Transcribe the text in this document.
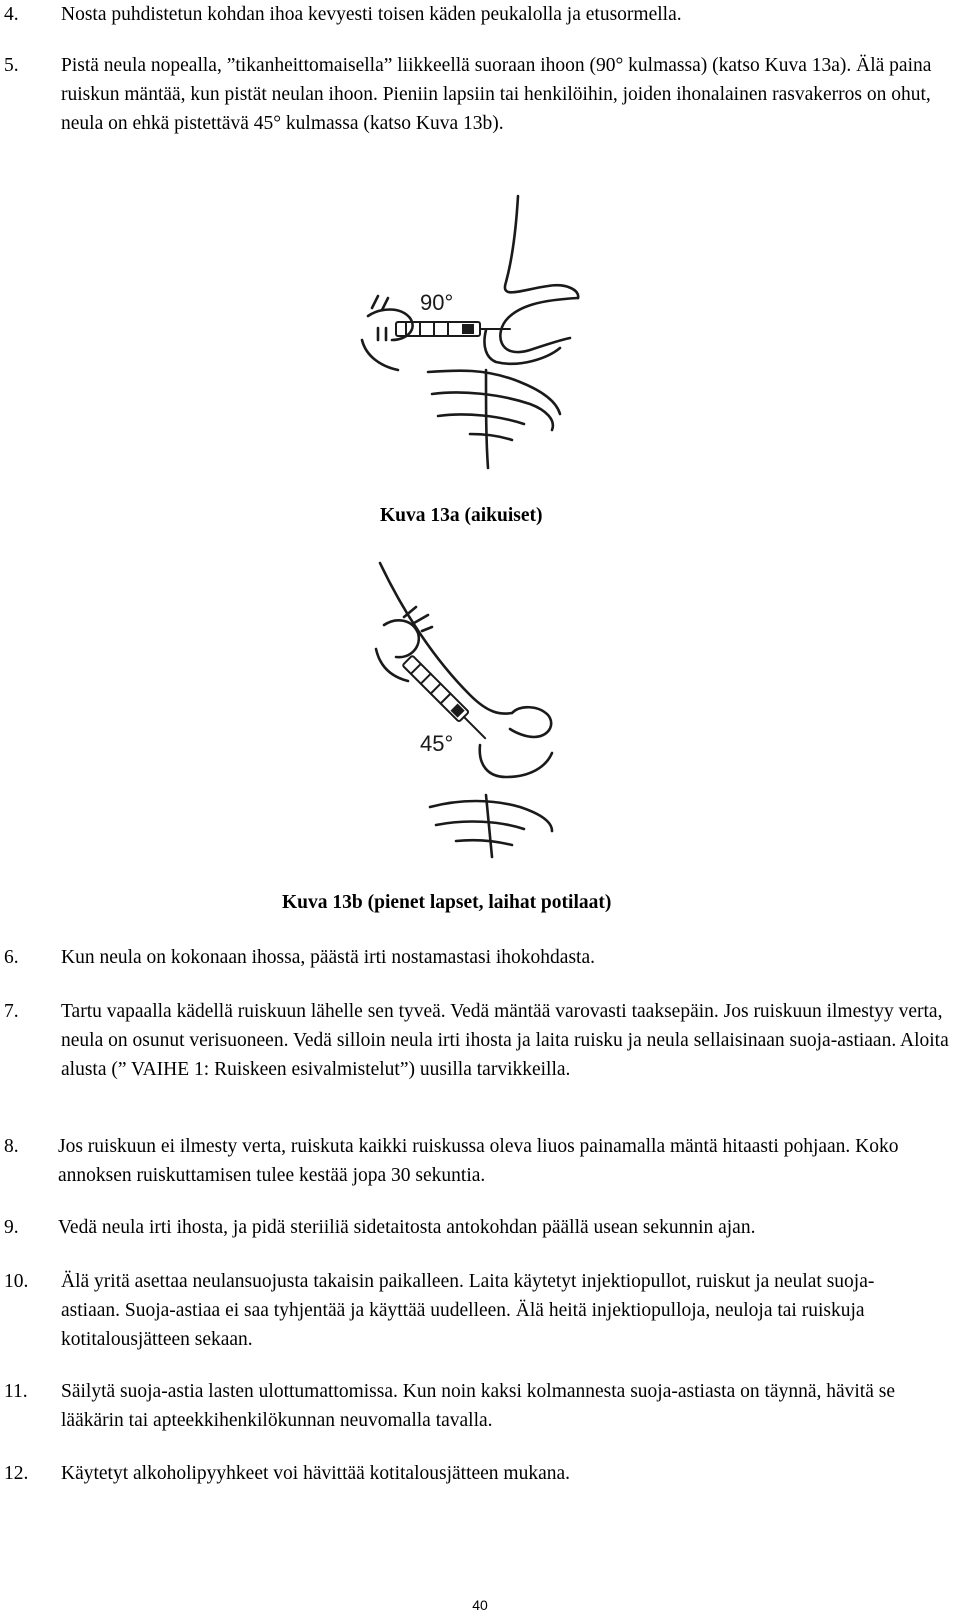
4. Nosta puhdistetun kohdan ihoa kevyesti toisen käden peukalolla ja etusormella.
5. Pistä neula nopealla, ”tikanheittomaisella” liikkeellä suoraan ihoon (90° kulmassa) (katso Kuva 13a). Älä paina ruiskun mäntää, kun pistät neulan ihoon. Pieniin lapsiin tai henkilöihin, joiden ihonalainen rasvakerros on ohut, neula on ehkä pistettävä 45° kulmassa (katso Kuva 13b).
90°
Kuva 13a (aikuiset)
45°
Kuva 13b (pienet lapset, laihat potilaat)
6. Kun neula on kokonaan ihossa, päästä irti nostamastasi ihokohdasta.
7. Tartu vapaalla kädellä ruiskuun lähelle sen tyveä. Vedä mäntää varovasti taaksepäin. Jos ruiskuun ilmestyy verta, neula on osunut verisuoneen. Vedä silloin neula irti ihosta ja laita ruisku ja neula sellaisinaan suoja-astiaan. Aloita alusta (” VAIHE 1: Ruiskeen esivalmistelut”) uusilla tarvikkeilla.
8. Jos ruiskuun ei ilmesty verta, ruiskuta kaikki ruiskussa oleva liuos painamalla mäntä hitaasti pohjaan. Koko annoksen ruiskuttamisen tulee kestää jopa 30 sekuntia.
9. Vedä neula irti ihosta, ja pidä steriiliä sidetaitosta antokohdan päällä usean sekunnin ajan.
10. Älä yritä asettaa neulansuojusta takaisin paikalleen. Laita käytetyt injektiopullot, ruiskut ja neulat suoja-astiaan. Suoja-astiaa ei saa tyhjentää ja käyttää uudelleen. Älä heitä injektiopulloja, neuloja tai ruiskuja kotitalousjätteen sekaan.
11. Säilytä suoja-astia lasten ulottumattomissa. Kun noin kaksi kolmannesta suoja-astiasta on täynnä, hävitä se lääkärin tai apteekkihenkilökunnan neuvomalla tavalla.
12. Käytetyt alkoholipyyhkeet voi hävittää kotitalousjätteen mukana.
40
